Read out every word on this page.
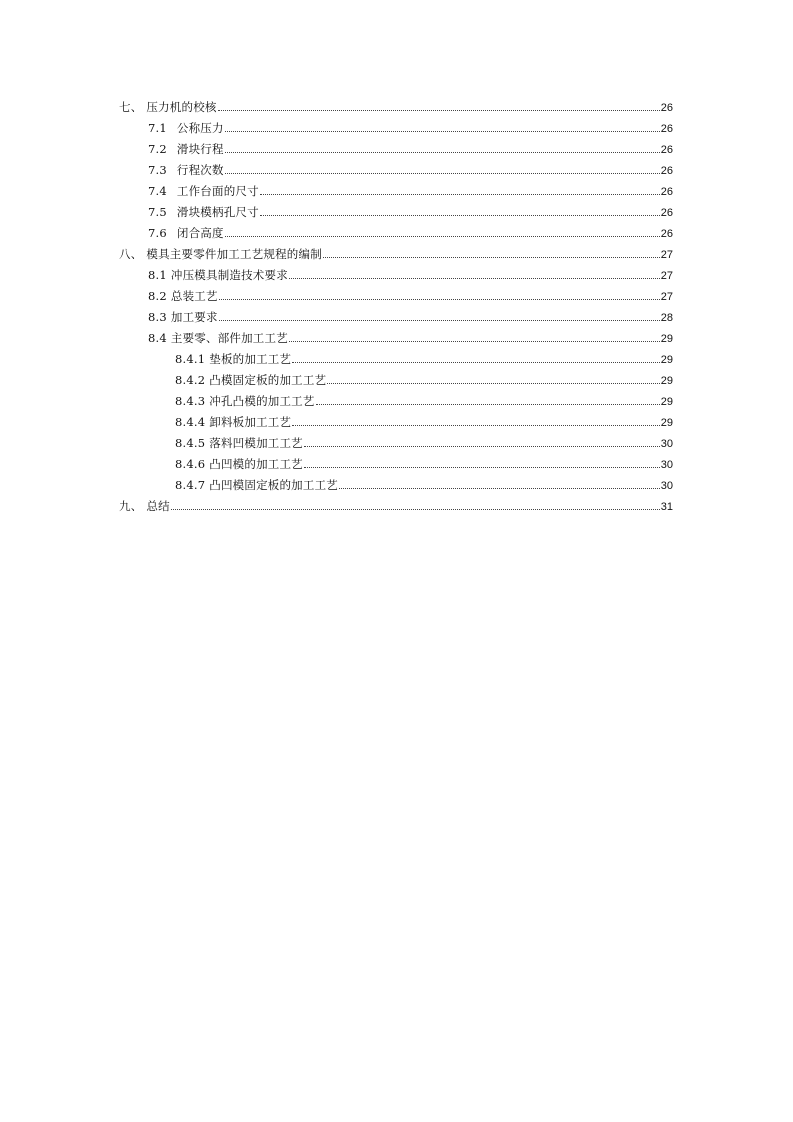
七、 压力机的校核	26
7.1 公称压力	26
7.2 滑块行程	26
7.3 行程次数	26
7.4 工作台面的尺寸	26
7.5 滑块模柄孔尺寸	26
7.6 闭合高度	26
八、 模具主要零件加工工艺规程的编制	27
8.1 冲压模具制造技术要求	27
8.2 总装工艺	27
8.3 加工要求	28
8.4 主要零、部件加工工艺	29
8.4.1 垫板的加工工艺	29
8.4.2 凸模固定板的加工工艺	29
8.4.3 冲孔凸模的加工工艺	29
8.4.4 卸料板加工工艺	29
8.4.5 落料凹模加工工艺	30
8.4.6 凸凹模的加工工艺	30
8.4.7 凸凹模固定板的加工工艺	30
九、 总结	31
